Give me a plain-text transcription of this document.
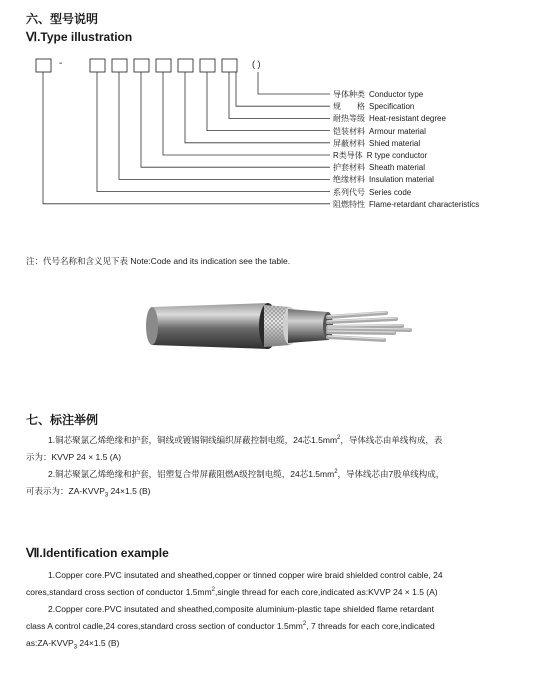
六、型号说明
Ⅵ.Type illustration
-	( )
导体种类 Conductor type
规　　格 Specification
耐热等级 Heat-resistant degree
铠装材料 Armour material
屏蔽材料 Shied material
R类导体 R type conductor
护套材料 Sheath material
绝缘材料 Insulation material
系列代号 Series code
阻燃特性 Flame-retardant characteristics
注：代号名称和含义见下表 Note:Code and its indication see the table.
七、标注举例
1.铜芯聚氯乙烯绝缘和护套，铜线或镀锡铜线编织屏蔽控制电缆，24芯$1.5mm^2$，导体线芯由单线构成，表
示为：KVVP 24 × 1.5 (A)
2.铜芯聚氯乙烯绝缘和护套，铝塑复合带屏蔽阻燃A级控制电缆，24芯$1.5mm^2$，导体线芯由7股单线构成，
可表示为：$ZA-KVVP_3$ 24×1.5 (B)
Ⅶ.Identification example
1.Copper core.PVC insutated and sheathed,copper or tinned copper wire braid shielded control cable, 24
cores,standard cross section of conductor $1.5mm^2,single$ thread for each core,indicated as:KVVP 24 × 1.5 (A)
2.Copper core.PVC insutated and sheathed,composite aluminium-plastic tape shielded flame retardant
class A control cadle,24 cores,standard cross section of conductor $1.5mm^2$, 7 threads for each core,indicated
$as:ZA-KVVP_3$ 24×1.5 (B)
